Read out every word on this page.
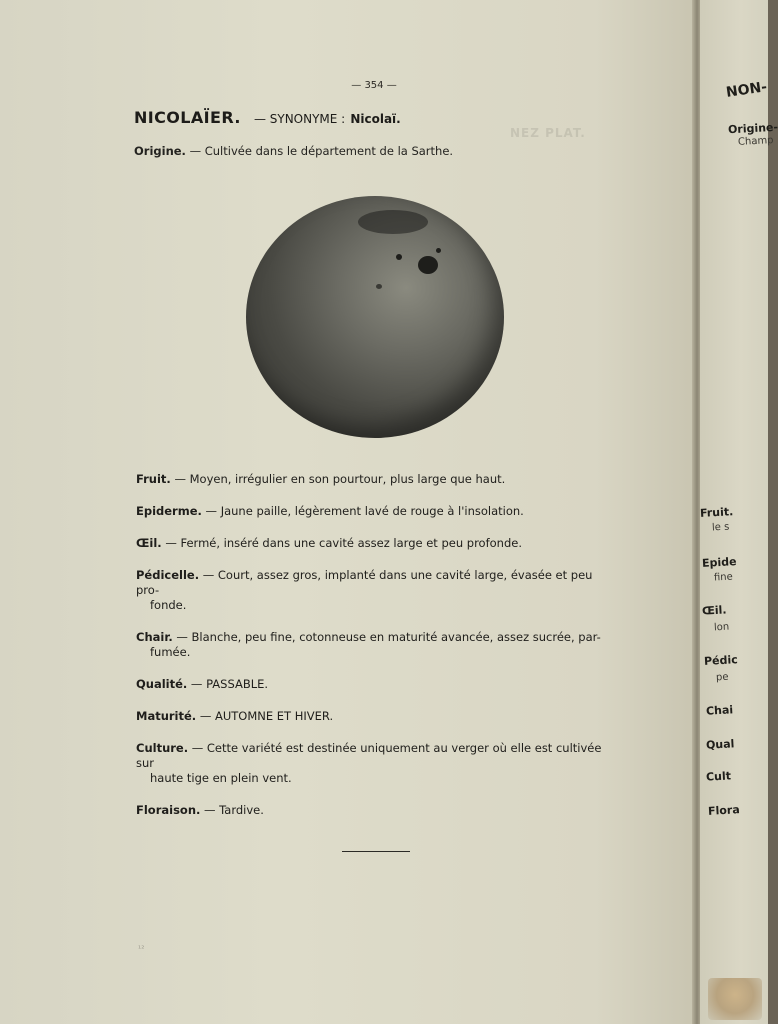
NEZ PLAT.
— 354 —
NICOLAÏER. — SYNONYME : Nicolaï.
Origine. — Cultivée dans le département de la Sarthe.
Fruit. — Moyen, irrégulier en son pourtour, plus large que haut.
Epiderme. — Jaune paille, légèrement lavé de rouge à l'insolation.
Œil. — Fermé, inséré dans une cavité assez large et peu profonde.
Pédicelle. — Court, assez gros, implanté dans une cavité large, évasée et peu pro-
fonde.
Chair. — Blanche, peu fine, cotonneuse en maturité avancée, assez sucrée, par-
fumée.
Qualité. — PASSABLE.
Maturité. — AUTOMNE ET HIVER.
Culture. — Cette variété est destinée uniquement au verger où elle est cultivée sur
haute tige en plein vent.
Floraison. — Tardive.
¹²
NON-
Origine-
Champ
Fruit.
le s
Epide
fine
Œil.
lon
Pédic
pe
Chai
Qual
Cult
Flora
